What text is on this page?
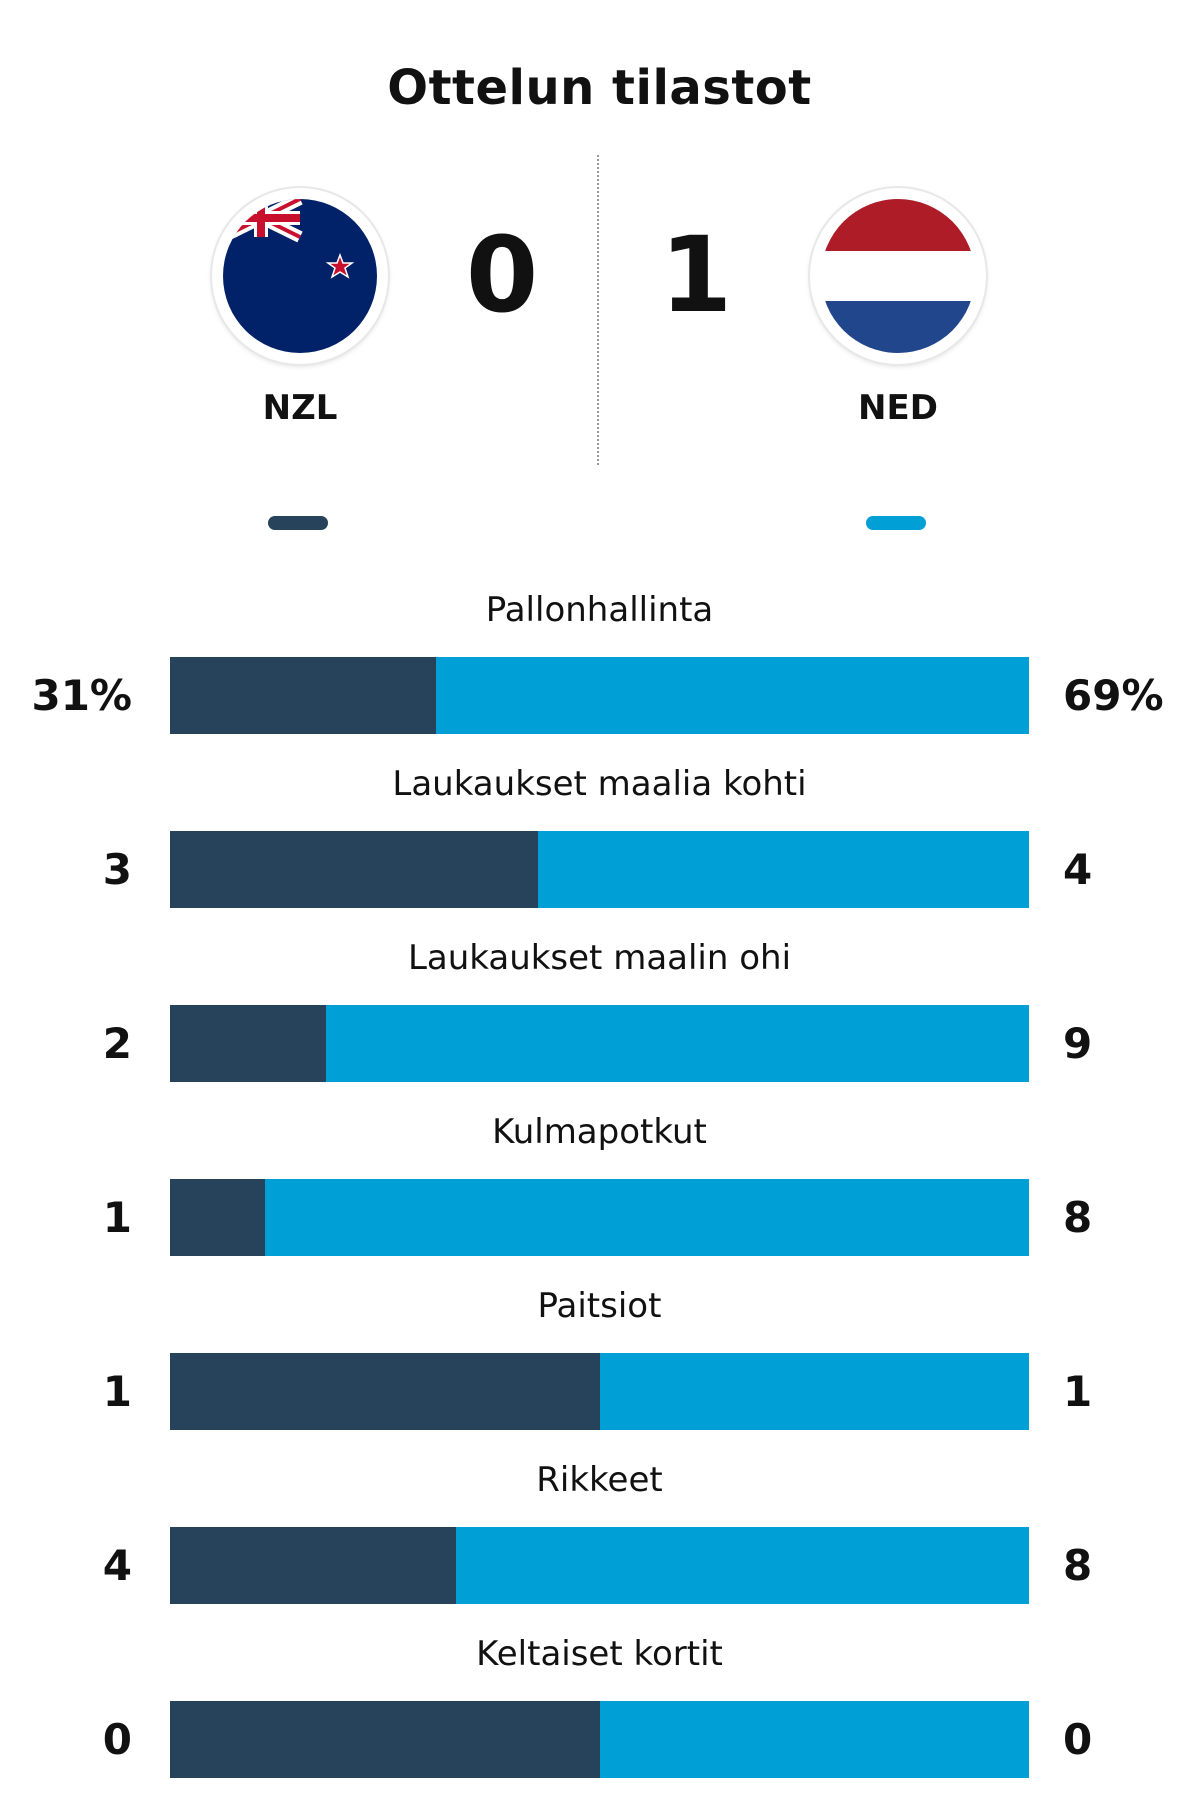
Ottelun tilastot
NZL
0
NED
1
Pallonhallinta
31%	69%
Laukaukset maalia kohti
3	4
Laukaukset maalin ohi
2	9
Kulmapotkut
1	8
Paitsiot
1	1
Rikkeet
4	8
Keltaiset kortit
0	0
